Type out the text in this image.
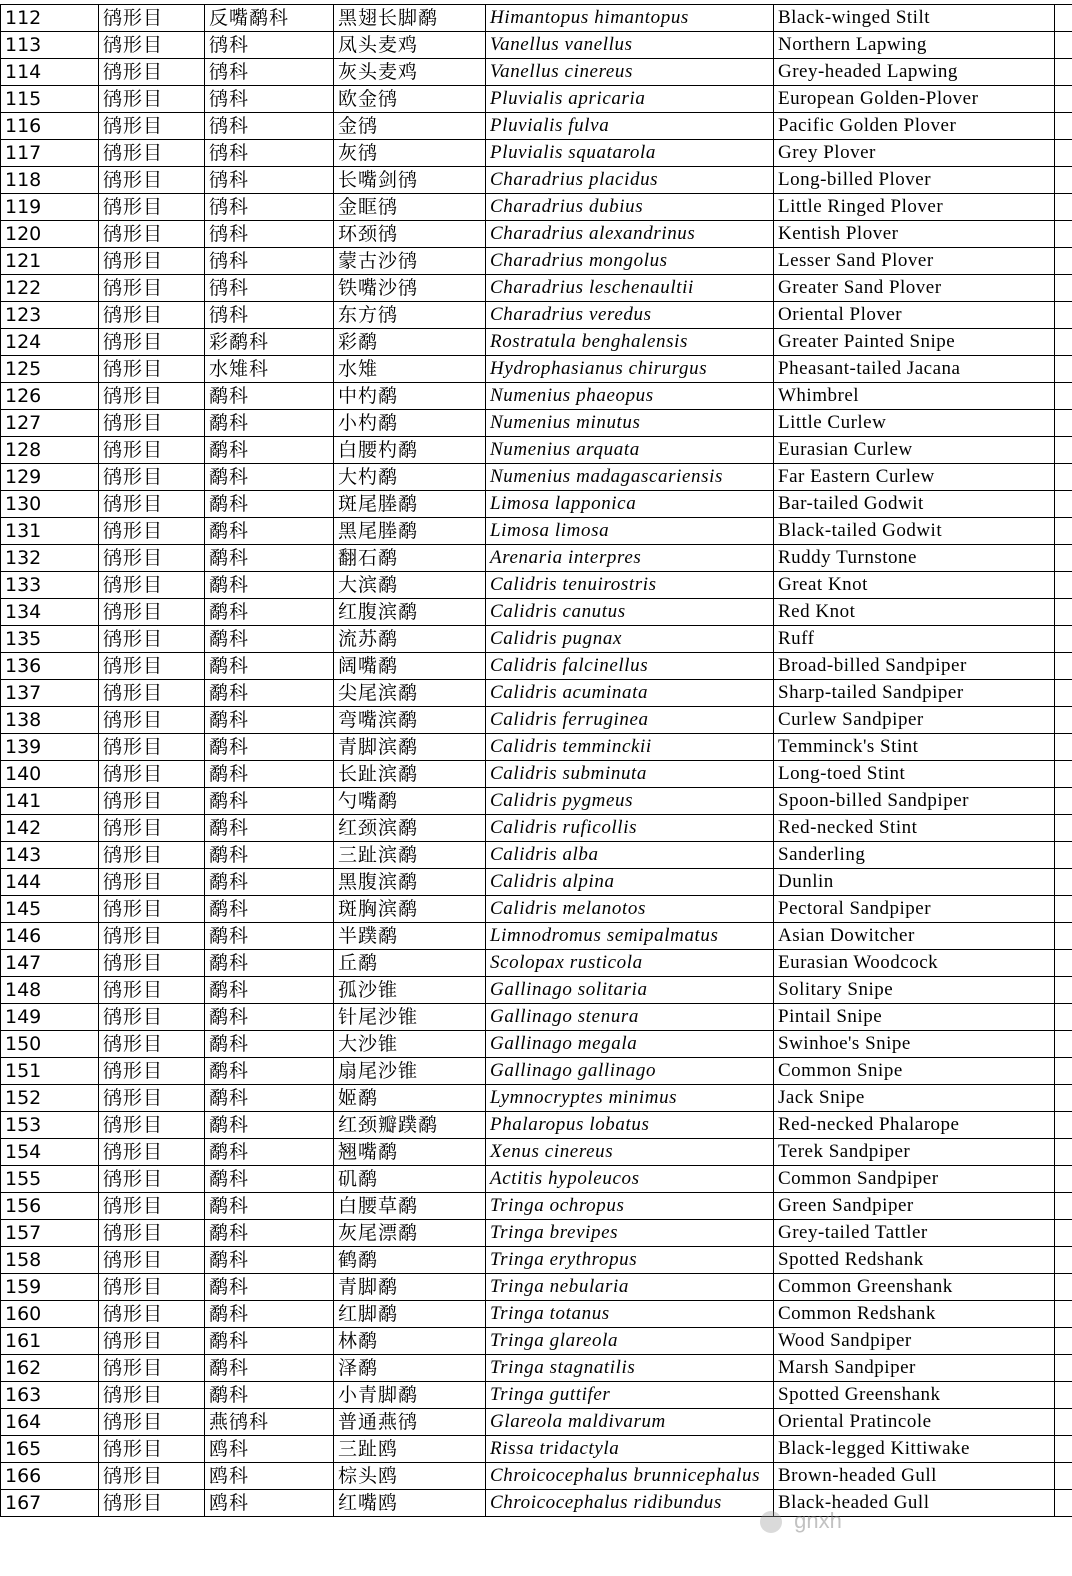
112	鸻形目	反嘴鹬科	黑翅长脚鹬	Himantopus himantopus	Black-winged Stilt	
113	鸻形目	鸻科	凤头麦鸡	Vanellus vanellus	Northern Lapwing	
114	鸻形目	鸻科	灰头麦鸡	Vanellus cinereus	Grey-headed Lapwing	
115	鸻形目	鸻科	欧金鸻	Pluvialis apricaria	European Golden-Plover	
116	鸻形目	鸻科	金鸻	Pluvialis fulva	Pacific Golden Plover	
117	鸻形目	鸻科	灰鸻	Pluvialis squatarola	Grey Plover	
118	鸻形目	鸻科	长嘴剑鸻	Charadrius placidus	Long-billed Plover	
119	鸻形目	鸻科	金眶鸻	Charadrius dubius	Little Ringed Plover	
120	鸻形目	鸻科	环颈鸻	Charadrius alexandrinus	Kentish Plover	
121	鸻形目	鸻科	蒙古沙鸻	Charadrius mongolus	Lesser Sand Plover	
122	鸻形目	鸻科	铁嘴沙鸻	Charadrius leschenaultii	Greater Sand Plover	
123	鸻形目	鸻科	东方鸻	Charadrius veredus	Oriental Plover	
124	鸻形目	彩鹬科	彩鹬	Rostratula benghalensis	Greater Painted Snipe	
125	鸻形目	水雉科	水雉	Hydrophasianus chirurgus	Pheasant-tailed Jacana	
126	鸻形目	鹬科	中杓鹬	Numenius phaeopus	Whimbrel	
127	鸻形目	鹬科	小杓鹬	Numenius minutus	Little Curlew	
128	鸻形目	鹬科	白腰杓鹬	Numenius arquata	Eurasian Curlew	
129	鸻形目	鹬科	大杓鹬	Numenius madagascariensis	Far Eastern Curlew	
130	鸻形目	鹬科	斑尾塍鹬	Limosa lapponica	Bar-tailed Godwit	
131	鸻形目	鹬科	黑尾塍鹬	Limosa limosa	Black-tailed Godwit	
132	鸻形目	鹬科	翻石鹬	Arenaria interpres	Ruddy Turnstone	
133	鸻形目	鹬科	大滨鹬	Calidris tenuirostris	Great Knot	
134	鸻形目	鹬科	红腹滨鹬	Calidris canutus	Red Knot	
135	鸻形目	鹬科	流苏鹬	Calidris pugnax	Ruff	
136	鸻形目	鹬科	阔嘴鹬	Calidris falcinellus	Broad-billed Sandpiper	
137	鸻形目	鹬科	尖尾滨鹬	Calidris acuminata	Sharp-tailed Sandpiper	
138	鸻形目	鹬科	弯嘴滨鹬	Calidris ferruginea	Curlew Sandpiper	
139	鸻形目	鹬科	青脚滨鹬	Calidris temminckii	Temminck's Stint	
140	鸻形目	鹬科	长趾滨鹬	Calidris subminuta	Long-toed Stint	
141	鸻形目	鹬科	勺嘴鹬	Calidris pygmeus	Spoon-billed Sandpiper	
142	鸻形目	鹬科	红颈滨鹬	Calidris ruficollis	Red-necked Stint	
143	鸻形目	鹬科	三趾滨鹬	Calidris alba	Sanderling	
144	鸻形目	鹬科	黑腹滨鹬	Calidris alpina	Dunlin	
145	鸻形目	鹬科	斑胸滨鹬	Calidris melanotos	Pectoral Sandpiper	
146	鸻形目	鹬科	半蹼鹬	Limnodromus semipalmatus	Asian Dowitcher	
147	鸻形目	鹬科	丘鹬	Scolopax rusticola	Eurasian Woodcock	
148	鸻形目	鹬科	孤沙锥	Gallinago solitaria	Solitary Snipe	
149	鸻形目	鹬科	针尾沙锥	Gallinago stenura	Pintail Snipe	
150	鸻形目	鹬科	大沙锥	Gallinago megala	Swinhoe's Snipe	
151	鸻形目	鹬科	扇尾沙锥	Gallinago gallinago	Common Snipe	
152	鸻形目	鹬科	姬鹬	Lymnocryptes minimus	Jack Snipe	
153	鸻形目	鹬科	红颈瓣蹼鹬	Phalaropus lobatus	Red-necked Phalarope	
154	鸻形目	鹬科	翘嘴鹬	Xenus cinereus	Terek Sandpiper	
155	鸻形目	鹬科	矶鹬	Actitis hypoleucos	Common Sandpiper	
156	鸻形目	鹬科	白腰草鹬	Tringa ochropus	Green Sandpiper	
157	鸻形目	鹬科	灰尾漂鹬	Tringa brevipes	Grey-tailed Tattler	
158	鸻形目	鹬科	鹤鹬	Tringa erythropus	Spotted Redshank	
159	鸻形目	鹬科	青脚鹬	Tringa nebularia	Common Greenshank	
160	鸻形目	鹬科	红脚鹬	Tringa totanus	Common Redshank	
161	鸻形目	鹬科	林鹬	Tringa glareola	Wood Sandpiper	
162	鸻形目	鹬科	泽鹬	Tringa stagnatilis	Marsh Sandpiper	
163	鸻形目	鹬科	小青脚鹬	Tringa guttifer	Spotted Greenshank	
164	鸻形目	燕鸻科	普通燕鸻	Glareola maldivarum	Oriental Pratincole	
165	鸻形目	鸥科	三趾鸥	Rissa tridactyla	Black-legged Kittiwake	
166	鸻形目	鸥科	棕头鸥	Chroicocephalus brunnicephalus	Brown-headed Gull	
167	鸻形目	鸥科	红嘴鸥	Chroicocephalus ridibundus	Black-headed Gull	
gnxh
